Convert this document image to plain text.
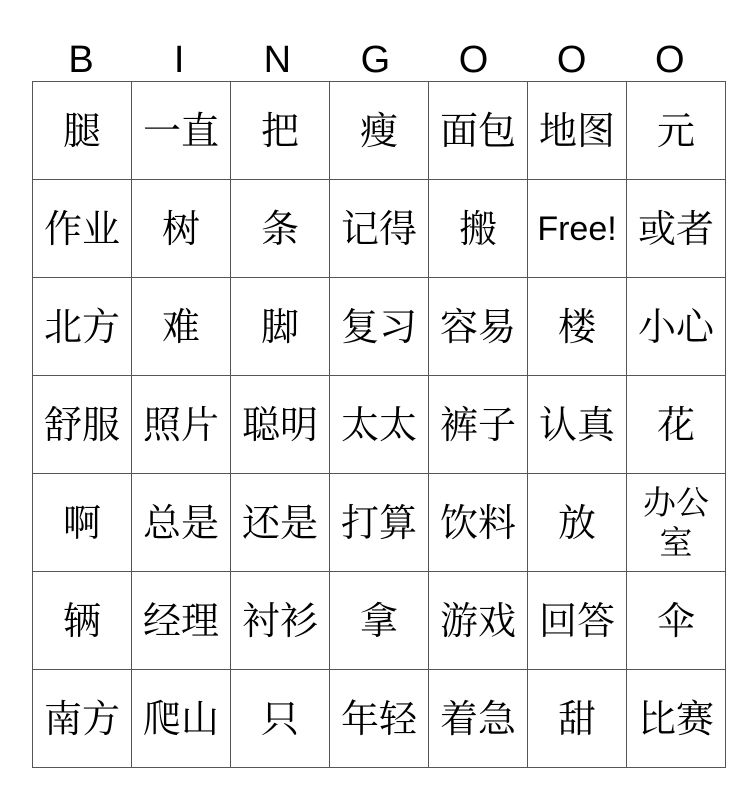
B	I	N	G	O	O	O
腿	一直	把	瘦	面包	地图	元
作业	树	条	记得	搬	Free!	或者
北方	难	脚	复习	容易	楼	小心
舒服	照片	聪明	太太	裤子	认真	花
啊	总是	还是	打算	饮料	放	办公室
辆	经理	衬衫	拿	游戏	回答	伞
南方	爬山	只	年轻	着急	甜	比赛
